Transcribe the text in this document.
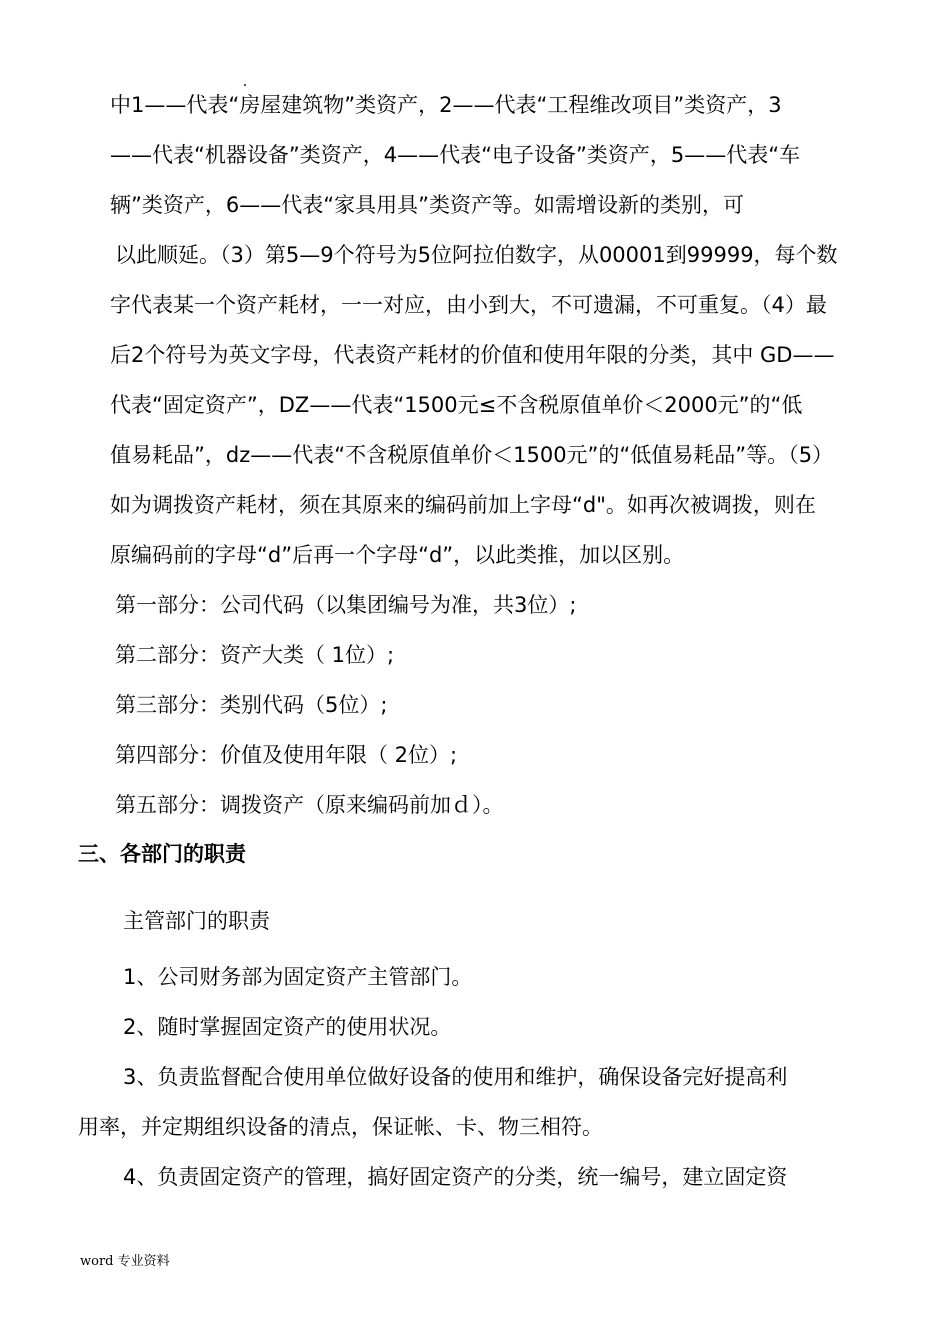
中1——代表“房屋建筑物”类资产，2——代表“工程维改项目”类资产，3
——代表“机器设备”类资产，4——代表“电子设备”类资产，5——代表“车
辆”类资产，6——代表“家具用具”类资产等。如需增设新的类别，可
以此顺延。（3）第5—9个符号为5位阿拉伯数字，从00001到99999，每个数
字代表某一个资产耗材，一一对应，由小到大，不可遗漏，不可重复。（4）最
后2个符号为英文字母，代表资产耗材的价值和使用年限的分类，其中 GD——
代表“固定资产”，DZ——代表“1500元≤不含税原值单价＜2000元”的“低
值易耗品”，dz——代表“不含税原值单价＜1500元”的“低值易耗品”等。（5）
如为调拨资产耗材，须在其原来的编码前加上字母“d"。如再次被调拨，则在
原编码前的字母“d”后再一个字母“d”，以此类推，加以区别。
第一部分：公司代码（以集团编号为准，共3位）;
第二部分：资产大类（ 1位）;
第三部分：类别代码（5位）;
第四部分：价值及使用年限（ 2位）;
第五部分：调拨资产（原来编码前加ｄ）。
三、各部门的职责
主管部门的职责
1、公司财务部为固定资产主管部门。
2、随时掌握固定资产的使用状况。
3、负责监督配合使用单位做好设备的使用和维护，确保设备完好提高利
用率，并定期组织设备的清点，保证帐、卡、物三相符。
4、负责固定资产的管理，搞好固定资产的分类，统一编号，建立固定资
word 专业资料
